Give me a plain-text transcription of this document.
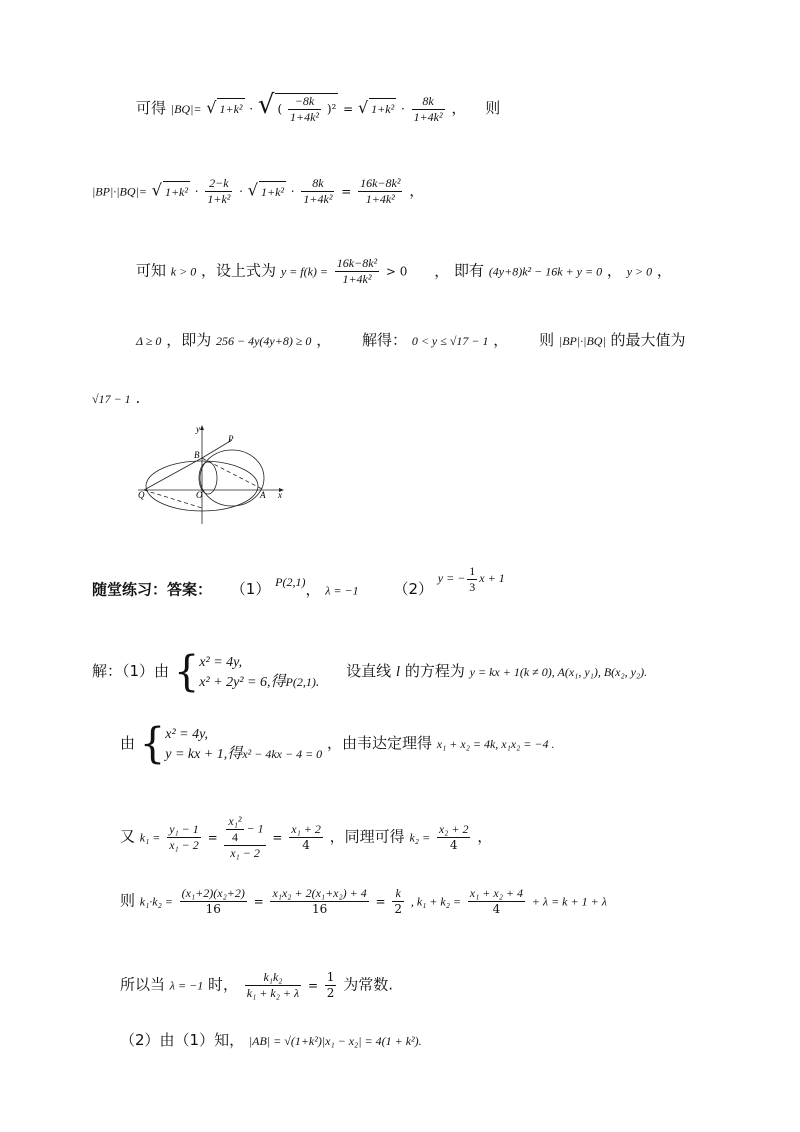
可得 |BQ|= √ 1+k² · √ ( $\frac{-8k}{\text{1+4k²}} )^2$ = √ $1+k^2 \cdot \frac{8k}{\text{1+4k²}}$ ， 则
|BP|·|BQ|= √ $1+k^2 \cdot \frac{2-k}{\text{1+k²}}$ · √ $1+k^2 \cdot \frac{8k}{\text{1+4k²}} = \frac{\text{16k−8k²}}{\text{1+4k²}}$ ，
可知 k > 0 ，设上式为 $y = f(k) = \frac{\text{16k−8k²}}{\text{1+4k²}} > 0$ ， 即有 (4y+8)k² − 16k + y = 0 ， y > 0 ，
Δ ≥ 0 ，即为 256 − 4y(4y+8) ≥ 0 ， 解得： 0 < y ≤ √17 − 1 ， 则 |BP|·|BQ| 的最大值为
√17 − 1 .
y
P
B
Q	O	A x
随堂练习：答案： （1） $^{P(2,1)}$， λ = −1 （2） $^{y = - \frac{1}{3} x + 1}$
解：（1）由 { x² = 4y,
x² + 2y² = 6,得P(2,1).
设直线 l 的方程为 y = kx + 1(k ≠ 0), A(x₁, y₁), B(x₂, y₂).
由 { x² = 4y,
y = kx + 1,得x² − 4kx − 4 = 0
，由韦达定理得 x₁ + x₂ = 4k, x₁x₂ = −4 .
又 $k_1 = \frac{\text{y₁ − 1}}{\text{x₁ − 2}} = \frac{\frac{\text{x₁²}}{4} - 1}{\text{x₁ − 2}} = \frac{\text{x₁ + 2}}{4}$ ，同理可得 $k_2 = \frac{\text{x₂ + 2}}{4}$ ，
则 $k_1\cdot k_2 = \frac{\text{(x₁+2)(x₂+2)}}{16} = \frac{\text{x₁x₂ + 2(x₁+x₂) + 4}}{16} = \frac{k}{2}$ , $k_1 + k_2 = \frac{\text{x₁ + x₂ + 4}}{4} + \lambda = k + 1 + \lambda$
所以当 λ = −1 时， $\frac{\text{k₁k₂}}{\text{k₁ + k₂ + λ}} = \frac{1}{2}$ 为常数.
（2）由（1）知， |AB| = √(1+k²)|x₁ − x₂| = 4(1 + k²).
